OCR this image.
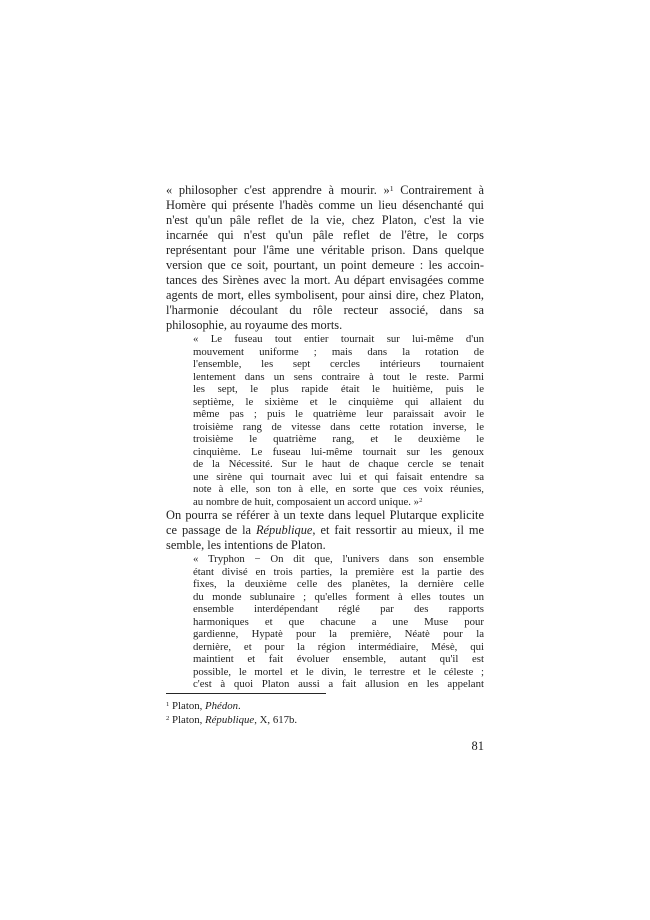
« philosopher c'est apprendre à mourir. »$^1$ Contrairement à
Homère qui présente l'hadès comme un lieu désenchanté qui
n'est qu'un pâle reflet de la vie, chez Platon, c'est la vie
incarnée qui n'est qu'un pâle reflet de l'être, le corps
représentant pour l'âme une véritable prison. Dans quelque
version que ce soit, pourtant, un point demeure : les accoin-
tances des Sirènes avec la mort. Au départ envisagées comme
agents de mort, elles symbolisent, pour ainsi dire, chez Platon,
l'harmonie découlant du rôle recteur associé, dans sa
philosophie, au royaume des morts.
« Le fuseau tout entier tournait sur lui-même d'un
mouvement uniforme ; mais dans la rotation de
l'ensemble, les sept cercles intérieurs tournaient
lentement dans un sens contraire à tout le reste. Parmi
les sept, le plus rapide était le huitième, puis le
septième, le sixième et le cinquième qui allaient du
même pas ; puis le quatrième leur paraissait avoir le
troisième rang de vitesse dans cette rotation inverse, le
troisième le quatrième rang, et le deuxième le
cinquième. Le fuseau lui-même tournait sur les genoux
de la Nécessité. Sur le haut de chaque cercle se tenait
une sirène qui tournait avec lui et qui faisait entendre sa
note à elle, son ton à elle, en sorte que ces voix réunies,
au nombre de huit, composaient un accord unique. »$^2$
On pourra se référer à un texte dans lequel Plutarque explicite
ce passage de la République, et fait ressortir au mieux, il me
semble, les intentions de Platon.
« Tryphon − On dit que, l'univers dans son ensemble
étant divisé en trois parties, la première est la partie des
fixes, la deuxième celle des planètes, la dernière celle
du monde sublunaire ; qu'elles forment à elles toutes un
ensemble interdépendant réglé par des rapports
harmoniques et que chacune a une Muse pour
gardienne, Hypatè pour la première, Néatè pour la
dernière, et pour la région intermédiaire, Mésè, qui
maintient et fait évoluer ensemble, autant qu'il est
possible, le mortel et le divin, le terrestre et le céleste ;
c'est à quoi Platon aussi a fait allusion en les appelant
$^1$ Platon, Phédon.
$^2$ Platon, République, X, 617b.
81
